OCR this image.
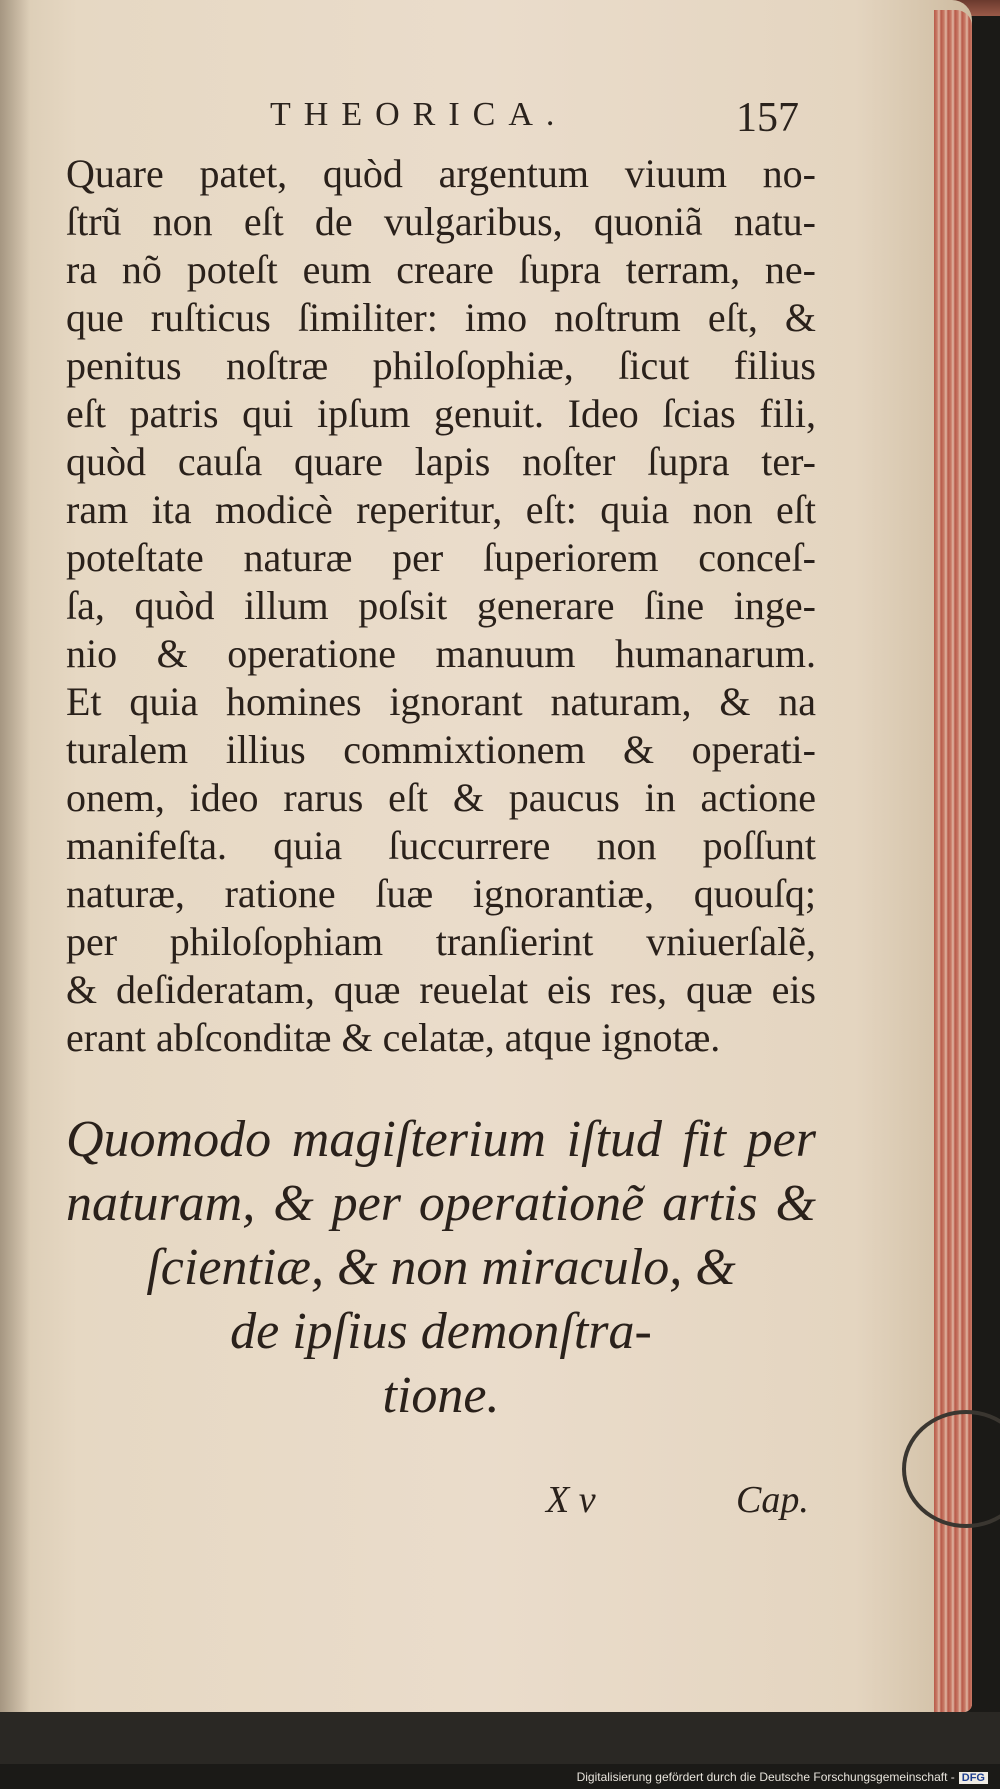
THEORICA.	157
Quare patet, quòd argentum viuum no-
ſtrũ non eſt de vulgaribus, quoniã natu-
ra nõ poteſt eum creare ſupra terram, ne-
que ruſticus ſimiliter: imo noſtrum eſt, &
penitus noſtræ philoſophiæ, ſicut filius
eſt patris qui ipſum genuit. Ideo ſcias fili,
quòd cauſa quare lapis noſter ſupra ter-
ram ita modicè reperitur, eſt: quia non eſt
poteſtate naturæ per ſuperiorem conceſ-
ſa, quòd illum poſsit generare ſine inge-
nio & operatione manuum humanarum.
Et quia homines ignorant naturam, & na
turalem illius commixtionem & operati-
onem, ideo rarus eſt & paucus in actione
manifeſta. quia ſuccurrere non poſſunt
naturæ, ratione ſuæ ignorantiæ, quouſq;
per philoſophiam tranſierint vniuerſalẽ,
& deſideratam, quæ reuelat eis res, quæ eis
erant abſconditæ & celatæ, atque ignotæ.
Quomodo magiſterium iſtud fit per
naturam, & per operationẽ artis &
ſcientiæ, & non miraculo, &
de ipſius demonſtra-
tione.
X v	Cap.
Digitalisierung gefördert durch die Deutsche Forschungsgemeinschaft - DFG
